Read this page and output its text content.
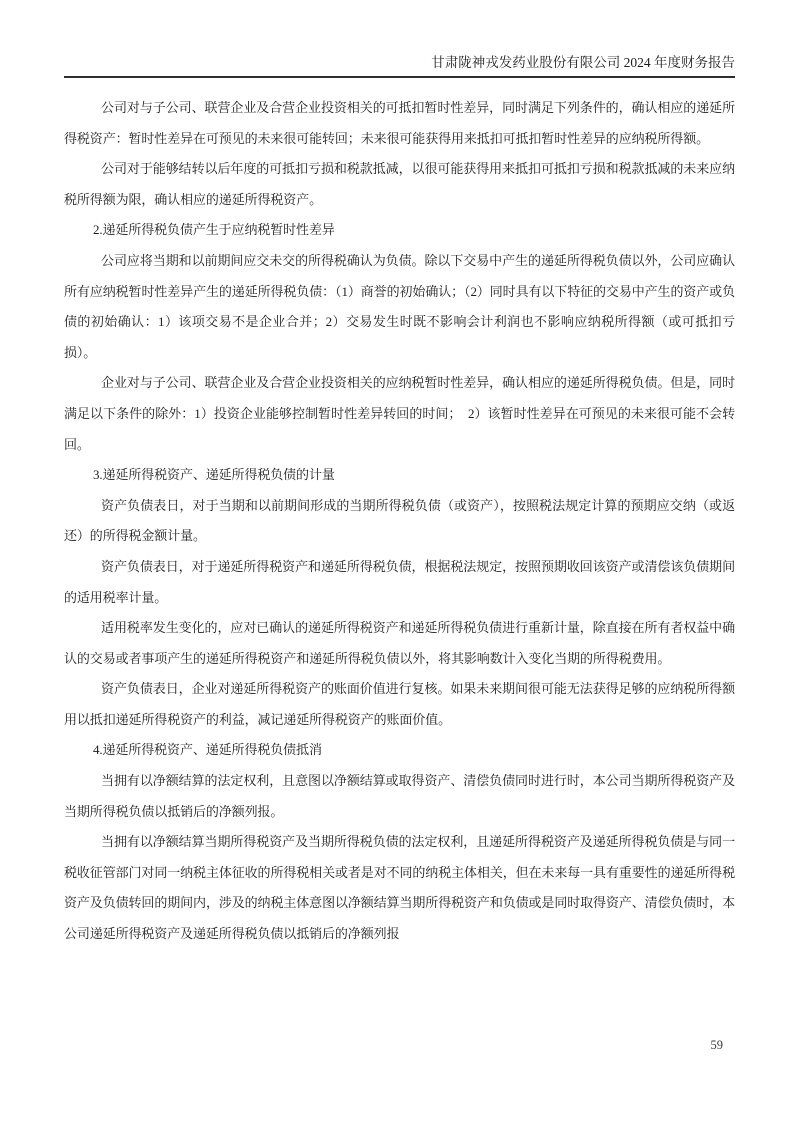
甘肃陇神戎发药业股份有限公司 2024 年度财务报告

公司对与子公司、联营企业及合营企业投资相关的可抵扣暂时性差异，同时满足下列条件的，确认相应的递延所得税资产：暂时性差异在可预见的未来很可能转回；未来很可能获得用来抵扣可抵扣暂时性差异的应纳税所得额。

公司对于能够结转以后年度的可抵扣亏损和税款抵减，以很可能获得用来抵扣可抵扣亏损和税款抵减的未来应纳税所得额为限，确认相应的递延所得税资产。

2.递延所得税负债产生于应纳税暂时性差异

公司应将当期和以前期间应交未交的所得税确认为负债。除以下交易中产生的递延所得税负债以外，公司应确认所有应纳税暂时性差异产生的递延所得税负债：（1）商誉的初始确认；（2）同时具有以下特征的交易中产生的资产或负债的初始确认：1）该项交易不是企业合并；2）交易发生时既不影响会计利润也不影响应纳税所得额（或可抵扣亏损）。

企业对与子公司、联营企业及合营企业投资相关的应纳税暂时性差异，确认相应的递延所得税负债。但是，同时满足以下条件的除外：1）投资企业能够控制暂时性差异转回的时间；　2）该暂时性差异在可预见的未来很可能不会转回。

3.递延所得税资产、递延所得税负债的计量

资产负债表日，对于当期和以前期间形成的当期所得税负债（或资产），按照税法规定计算的预期应交纳（或返还）的所得税金额计量。

资产负债表日，对于递延所得税资产和递延所得税负债，根据税法规定，按照预期收回该资产或清偿该负债期间的适用税率计量。

适用税率发生变化的，应对已确认的递延所得税资产和递延所得税负债进行重新计量，除直接在所有者权益中确认的交易或者事项产生的递延所得税资产和递延所得税负债以外，将其影响数计入变化当期的所得税费用。

资产负债表日，企业对递延所得税资产的账面价值进行复核。如果未来期间很可能无法获得足够的应纳税所得额用以抵扣递延所得税资产的利益，减记递延所得税资产的账面价值。

4.递延所得税资产、递延所得税负债抵消

当拥有以净额结算的法定权利，且意图以净额结算或取得资产、清偿负债同时进行时，本公司当期所得税资产及当期所得税负债以抵销后的净额列报。

当拥有以净额结算当期所得税资产及当期所得税负债的法定权利，且递延所得税资产及递延所得税负债是与同一税收征管部门对同一纳税主体征收的所得税相关或者是对不同的纳税主体相关，但在未来每一具有重要性的递延所得税资产及负债转回的期间内，涉及的纳税主体意图以净额结算当期所得税资产和负债或是同时取得资产、清偿负债时，本公司递延所得税资产及递延所得税负债以抵销后的净额列报

59
